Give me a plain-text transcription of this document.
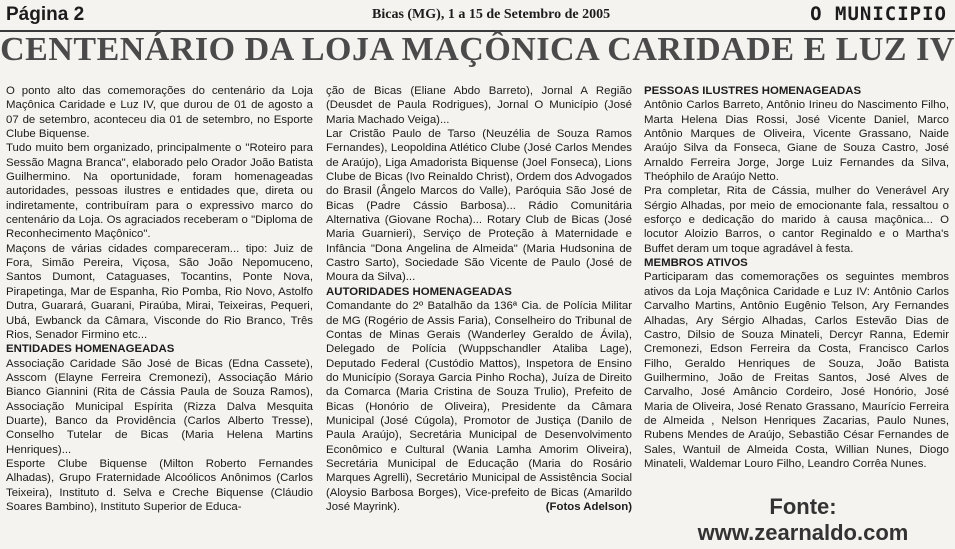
Página 2	Bicas (MG), 1 a 15 de Setembro de 2005	O MUNICIPIO
CENTENÁRIO DA LOJA MAÇÔNICA CARIDADE E LUZ IV

O ponto alto das comemorações do centenário da Loja Maçônica Caridade e Luz IV, que durou de 01 de agosto a 07 de setembro, aconteceu dia 01 de setembro, no Esporte Clube Biquense.

Tudo muito bem organizado, principalmente o "Roteiro para Sessão Magna Branca", elaborado pelo Orador João Batista Guilhermino. Na oportunidade, foram homenageadas autoridades, pessoas ilustres e entidades que, direta ou indiretamente, contribuíram para o expressivo marco do centenário da Loja. Os agraciados receberam o "Diploma de Reconhecimento Maçônico".

Maçons de várias cidades compareceram... tipo: Juiz de Fora, Simão Pereira, Viçosa, São João Nepomuceno, Santos Dumont, Cataguases, Tocantins, Ponte Nova, Pirapetinga, Mar de Espanha, Rio Pomba, Rio Novo, Astolfo Dutra, Guarará, Guarani, Piraúba, Mirai, Teixeiras, Pequeri, Ubá, Ewbanck da Câmara, Visconde do Rio Branco, Três Rios, Senador Firmino etc...

ENTIDADES HOMENAGEADAS

Associação Caridade São José de Bicas (Edna Cassete), Asscom (Elayne Ferreira Cremonezi), Associação Mário Bianco Giannini (Rita de Cássia Paula de Souza Ramos), Associação Municipal Espírita (Rizza Dalva Mesquita Duarte), Banco da Providência (Carlos Alberto Tresse), Conselho Tutelar de Bicas (Maria Helena Martins Henriques)...

Esporte Clube Biquense (Milton Roberto Fernandes Alhadas), Grupo Fraternidade Alcoólicos Anônimos (Carlos Teixeira), Instituto d. Selva e Creche Biquense (Cláudio Soares Bambino), Instituto Superior de Educa-

ção de Bicas (Eliane Abdo Barreto), Jornal A Região (Deusdet de Paula Rodrigues), Jornal O Município (José Maria Machado Veiga)...

Lar Cristão Paulo de Tarso (Neuzélia de Souza Ramos Fernandes), Leopoldina Atlético Clube (José Carlos Mendes de Araújo), Liga Amadorista Biquense (Joel Fonseca), Lions Clube de Bicas (Ivo Reinaldo Christ), Ordem dos Advogados do Brasil (Ângelo Marcos do Valle), Paróquia São José de Bicas (Padre Cássio Barbosa)... Rádio Comunitária Alternativa (Giovane Rocha)... Rotary Club de Bicas (José Maria Guarnieri), Serviço de Proteção à Maternidade e Infância "Dona Angelina de Almeida" (Maria Hudsonina de Castro Sarto), Sociedade São Vicente de Paulo (José de Moura da Silva)...

AUTORIDADES HOMENAGEADAS

Comandante do 2º Batalhão da 136ª Cia. de Polícia Militar de MG (Rogério de Assis Faria), Conselheiro do Tribunal de Contas de Minas Gerais (Wanderley Geraldo de Ávila), Delegado de Polícia (Wuppschandler Ataliba Lage), Deputado Federal (Custódio Mattos), Inspetora de Ensino do Município (Soraya Garcia Pinho Rocha), Juíza de Direito da Comarca (Maria Cristina de Souza Trulio), Prefeito de Bicas (Honório de Oliveira), Presidente da Câmara Municipal (José Cúgola), Promotor de Justiça (Danilo de Paula Araújo), Secretária Municipal de Desenvolvimento Econômico e Cultural (Wania Lamha Amorim Oliveira), Secretária Municipal de Educação (Maria do Rosário Marques Agrelli), Secretário Municipal de Assistência Social (Aloysio Barbosa Borges), Vice-prefeito de Bicas (Amarildo José Mayrink).	(Fotos Adelson)

PESSOAS ILUSTRES HOMENAGEADAS

Antônio Carlos Barreto, Antônio Irineu do Nascimento Filho, Marta Helena Dias Rossi, José Vicente Daniel, Marco Antônio Marques de Oliveira, Vicente Grassano, Naide Araújo Silva da Fonseca, Giane de Souza Castro, José Arnaldo Ferreira Jorge, Jorge Luiz Fernandes da Silva, Theóphilo de Araújo Netto.

Pra completar, Rita de Cássia, mulher do Venerável Ary Sérgio Alhadas, por meio de emocionante fala, ressaltou o esforço e dedicação do marido à causa maçônica... O locutor Aloizio Barros, o cantor Reginaldo e o Martha's Buffet deram um toque agradável à festa.

MEMBROS ATIVOS

Participaram das comemorações os seguintes membros ativos da Loja Maçônica Caridade e Luz IV: Antônio Carlos Carvalho Martins, Antônio Eugênio Telson, Ary Fernandes Alhadas, Ary Sérgio Alhadas, Carlos Estevão Dias de Castro, Dilsio de Souza Minateli, Dercyr Ranna, Edemir Cremonezi, Edson Ferreira da Costa, Francisco Carlos Filho, Geraldo Henriques de Souza, João Batista Guilhermino, João de Freitas Santos, José Alves de Carvalho, José Amâncio Cordeiro, José Honório, José Maria de Oliveira, José Renato Grassano, Maurício Ferreira de Almeida , Nelson Henriques Zacarias, Paulo Nunes, Rubens Mendes de Araújo, Sebastião César Fernandes de Sales, Wantuil de Almeida Costa, Willian Nunes, Diogo Minateli, Waldemar Louro Filho, Leandro Corrêa Nunes.

Fonte:
www.zearnaldo.com
